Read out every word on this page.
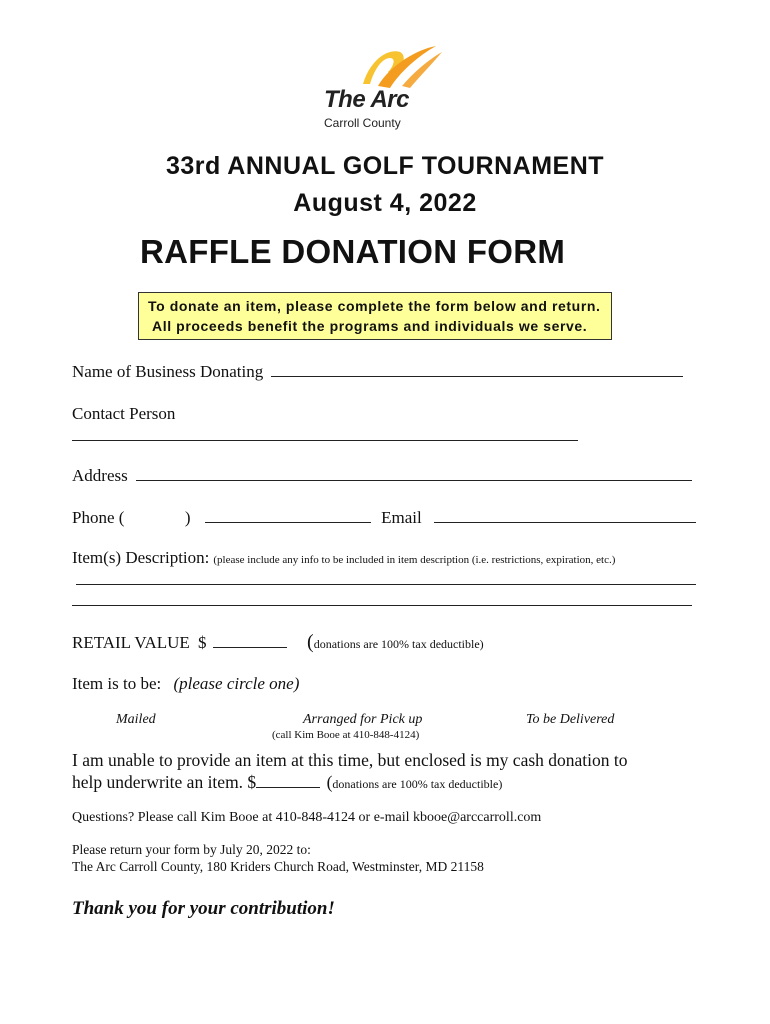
The Arc
Carroll County
33rd ANNUAL GOLF TOURNAMENT
August 4, 2022
RAFFLE DONATION FORM
To donate an item, please complete the form below and return.
All proceeds benefit the programs and individuals we serve.
Name of Business Donating
Contact Person
Address
Phone (	)	Email
Item(s) Description: (please include any info to be included in item description (i.e. restrictions, expiration, etc.)
RETAIL VALUE $	(donations are 100% tax deductible)
Item is to be: (please circle one)
Mailed	Arranged for Pick up	To be Delivered
(call Kim Booe at 410-848-4124)
I am unable to provide an item at this time, but enclosed is my cash donation to
help underwrite an item. $	(donations are 100% tax deductible)
Questions? Please call Kim Booe at 410-848-4124 or e-mail kbooe@arccarroll.com
Please return your form by July 20, 2022 to:
The Arc Carroll County, 180 Kriders Church Road, Westminster, MD 21158
Thank you for your contribution!
